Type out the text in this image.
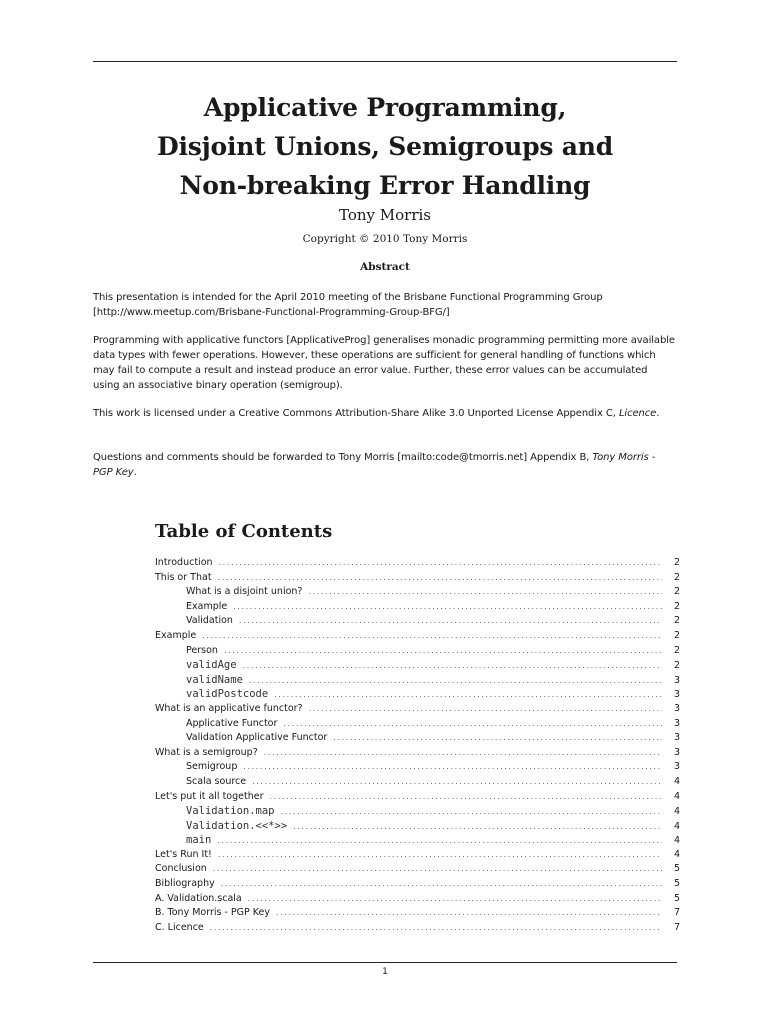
Applicative Programming,
Disjoint Unions, Semigroups and
Non-breaking Error Handling
Tony Morris
Copyright © 2010 Tony Morris
Abstract

This presentation is intended for the April 2010 meeting of the Brisbane Functional Programming Group [http://www.meetup.com/Brisbane-Functional-Programming-Group-BFG/]

Programming with applicative functors [ApplicativeProg] generalises monadic programming permitting more available data types with fewer operations. However, these operations are sufficient for general handling of functions which may fail to compute a result and instead produce an error value. Further, these error values can be accumulated using an associative binary operation (semigroup).

This work is licensed under a Creative Commons Attribution-Share Alike 3.0 Unported License Appendix C, Licence.

Questions and comments should be forwarded to Tony Morris [mailto:code@tmorris.net] Appendix B, Tony Morris - PGP Key.

Table of Contents
Introduction .....	2
This or That .....	2
What is a disjoint union? .....	2
Example .....	2
Validation .....	2
Example .....	2
Person .....	2
validAge .....	2
validName .....	3
validPostcode .....	3
What is an applicative functor? .....	3
Applicative Functor .....	3
Validation Applicative Functor .....	3
What is a semigroup? .....	3
Semigroup .....	3
Scala source .....	4
Let's put it all together .....	4
Validation.map .....	4
Validation.<<*>> .....	4
main .....	4
Let's Run It! .....	4
Conclusion .....	5
Bibliography .....	5
A. Validation.scala .....	5
B. Tony Morris - PGP Key .....	7
C. Licence .....	7
1
